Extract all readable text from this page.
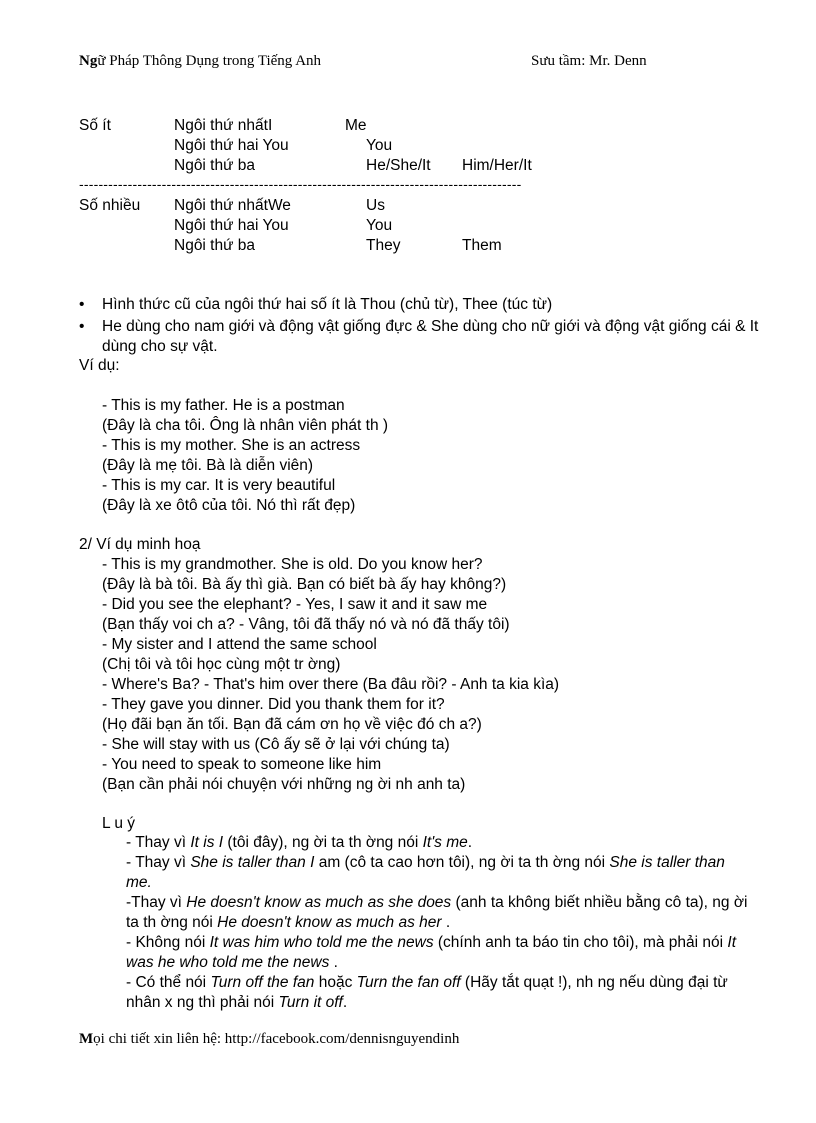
Ngữ Pháp Thông Dụng trong Tiếng Anh	Sưu tầm: Mr. Denn
Số ít	Ngôi thứ nhấtI	Me
Ngôi thứ hai You	You
Ngôi thứ ba	He/She/It Him/Her/It
-------------------------------------------------------------------------------------------
Số nhiều Ngôi thứ nhấtWe	Us
Ngôi thứ hai You	You
Ngôi thứ ba	They	Them
• Hình thức cũ của ngôi thứ hai số ít là Thou (chủ từ), Thee (túc từ)
• He dùng cho nam giới và động vật giống đực & She dùng cho nữ giới và động vật giống cái & It
dùng cho sự vật.
Ví dụ:
- This is my father. He is a postman
(Đây là cha tôi. Ông là nhân viên phát th )
- This is my mother. She is an actress
(Đây là mẹ tôi. Bà là diễn viên)
- This is my car. It is very beautiful
(Đây là xe ôtô của tôi. Nó thì rất đẹp)
2/ Ví dụ minh hoạ
- This is my grandmother. She is old. Do you know her?
(Đây là bà tôi. Bà ấy thì già. Bạn có biết bà ấy hay không?)
- Did you see the elephant? - Yes, I saw it and it saw me
(Bạn thấy voi ch a? - Vâng, tôi đã thấy nó và nó đã thấy tôi)
- My sister and I attend the same school
(Chị tôi và tôi học cùng một tr ờng)
- Where's Ba? - That's him over there (Ba đâu rồi? - Anh ta kia kìa)
- They gave you dinner. Did you thank them for it?
(Họ đãi bạn ăn tối. Bạn đã cám ơn họ về việc đó ch a?)
- She will stay with us (Cô ấy sẽ ở lại với chúng ta)
- You need to speak to someone like him
(Bạn cần phải nói chuyện với những ng ời nh anh ta)
L u ý
- Thay vì It is I (tôi đây), ng ời ta th ờng nói It's me.
- Thay vì She is taller than I am (cô ta cao hơn tôi), ng ời ta th ờng nói She is taller than
me.
-Thay vì He doesn't know as much as she does (anh ta không biết nhiều bằng cô ta), ng ời
ta th ờng nói He doesn't know as much as her .
- Không nói It was him who told me the news (chính anh ta báo tin cho tôi), mà phải nói It
was he who told me the news .
- Có thể nói Turn off the fan hoặc Turn the fan off (Hãy tắt quạt !), nh ng nếu dùng đại từ
nhân x ng thì phải nói Turn it off.
Mọi chi tiết xin liên hệ: http://facebook.com/dennisnguyendinh
